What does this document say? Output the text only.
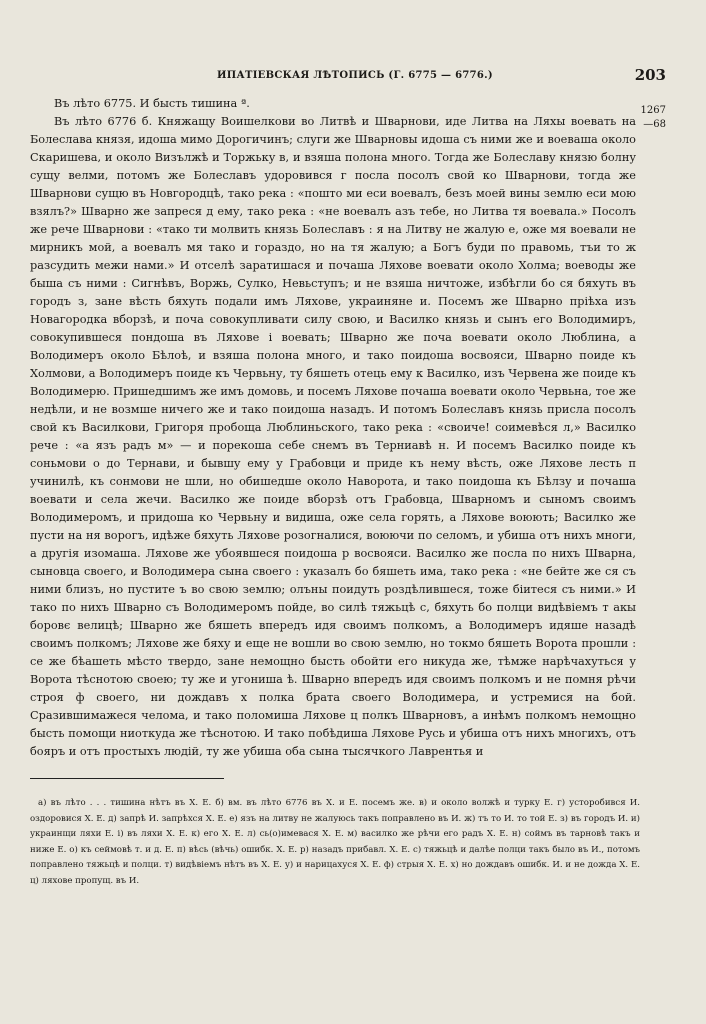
ИПАТІЕВСКАЯ ЛѢТОПИСЬ (Г. 6775 — 6776.)	203
1267
—68

Въ лѣто 6775. И бысть тишина ª.

Въ лѣто 6776 б. Княжащу Воишелкови во Литвѣ и Шварнови, иде Литва на Ляхы воевать на Болеслава князя, идоша мимо Дорогичинъ; слуги же Шварновы идоша съ ними же и воеваша около Скаришева, и около Визължѣ и Торжьку в, и взяша полона много. Тогда же Болеславу князю болну сущу велми, потомъ же Болеславъ удоровився г посла посолъ свой ко Шварнови, тогда же Шварнови сущю въ Новгородцѣ, тако река : «пошто ми еси воевалъ, безъ моей вины землю еси мою взялъ?» Шварно же запреся д ему, тако река : «не воевалъ азъ тебе, но Литва тя воевала.» Посолъ же рече Шварнови : «тако ти молвить князь Болеславъ : я на Литву не жалую е, оже мя воевали не мирникъ мой, а воевалъ мя тако и гораздо, но на тя жалую; а Богъ буди по правомь, тъи то ж разсудить межи нами.» И отселѣ заратишася и почаша Ляхове воевати около Холма; воеводы же быша съ ними : Сигнѣвъ, Воржь, Сулко, Невьступъ; и не взяша ничтоже, избѣгли бо ся бяхуть въ городъ з, зане вѣсть бяхуть подали имъ Ляхове, украиняне и. Посемъ же Шварно прiѣха изъ Новагородка вборзѣ, и поча совокупливати силу свою, и Василко князь и сынъ его Володимиръ, совокупившеся пондоша въ Ляхове і воевать; Шварно же поча воевати около Люблина, а Володимеръ около Бѣлоѣ, и взяша полона много, и тако поидоша восвояси, Шварно поиде къ Холмови, а Володимеръ поиде къ Червьну, ту бяшеть отець ему к Василко, изъ Червена же поиде къ Володимерю. Пришедшимъ же имъ домовь, и посемъ Ляхове почаша воевати около Червьна, тое же недѣли, и не возмше ничего же и тако поидоша назадъ. И потомъ Болеславъ князь присла посолъ свой къ Василкови, Григоря пробоща Люблиньского, тако река : «своиче! соимевѣся л,» Василко рече : «а язъ радъ м» — и порекоша себе снемъ въ Терниавѣ н. И посемъ Василко поиде къ соньмови о до Тернави, и бывшу ему у Грабовци и приде къ нему вѣсть, оже Ляхове лесть п учинилѣ, къ сонмови не шли, но обишедше около Наворота, и тако поидоша къ Бѣлзу и почаша воевати и села жечи. Василко же поиде вборзѣ отъ Грабовца, Шварномъ и сыномъ своимъ Володимеромъ, и придоша ко Червьну и видиша, оже села горять, а Ляхове воюють; Василко же пусти на ня ворогъ, идѣже бяхуть Ляхове розогналися, воюючи по селомъ, и убиша отъ нихъ многи, а другiя изомаша. Ляхове же убоявшеся поидоша р восвояси. Василко же посла по нихъ Шварна, сыновца своего, и Володимера сына своего : указалъ бо бяшеть има, тако река : «не бейте же ся съ ними близъ, но пустите ъ во свою землю; олъны поидуть роздѣлившеся, тоже біитеся съ ними.» И тако по нихъ Шварно съ Володимеромъ пойде, во силѣ тяжьцѣ с, бяхуть бо полци видѣвіемъ т акы боровє велицѣ; Шварно же бяшеть впередъ идя своимъ полкомъ, а Володимеръ идяше назадѣ своимъ полкомъ; Ляхове же бяху и еще не вошли во свою землю, но токмо бяшеть Ворота прошли : се же бѣашеть мѣсто твердо, зане немощно бысть обойти его никуда же, тѣмже нарѣчахуться у Ворота тѣснотою своею; ту же и угониша ѣ. Шварно впередъ идя своимъ полкомъ и не помня рѣчи строя ф своего, ни дождавъ х полка брата своего Володимера, и устремися на бой. Сразившимажеся челома, и тако поломиша Ляхове ц полкъ Шварновъ, а инѣмъ полкомъ немощно бысть помощи ниоткуда же тѣснотою. И тако побѣдиша Ляхове Русь и убиша отъ нихъ многихъ, отъ бояръ и отъ простыхъ людій, ту же убиша оба сына тысячкого Лаврентья и

а) въ лѣто . . . тишина нѣтъ въ Х. Е. б) вм. въ лѣто 6776 въ Х. и Е. посемъ же. в) и около волжѣ и турку Е. г) усторобився И. оздоровися Х. Е. д) запрѣ И. запрѣхся Х. Е. е) язъ на литву не жалуюсь такъ поправлено въ И. ж) тъ то И. то той Е. з) въ городъ И. и) украинщи ляхи Е. і) въ ляхи Х. Е. к) его Х. Е. л) сь(о)имевася Х. Е. м) василко же рѣчи его радъ Х. Е. н) соймъ въ тарновѣ такъ и ниже Е. о) къ сеймовѣ т. и д. Е. п) вѣсь (вѣчь) ошибк. Х. Е. р) назадъ прибавл. Х. Е. с) тяжьцѣ и далѣе полци такъ было въ И., потомъ поправлено тяжьцѣ и полци. т) видѣвіемъ нѣтъ въ Х. Е. у) и нарицахуся Х. Е. ф) стрыя Х. Е. х) но дождавъ ошибк. И. и не дожда Х. Е. ц) ляхове пропущ. въ И.
